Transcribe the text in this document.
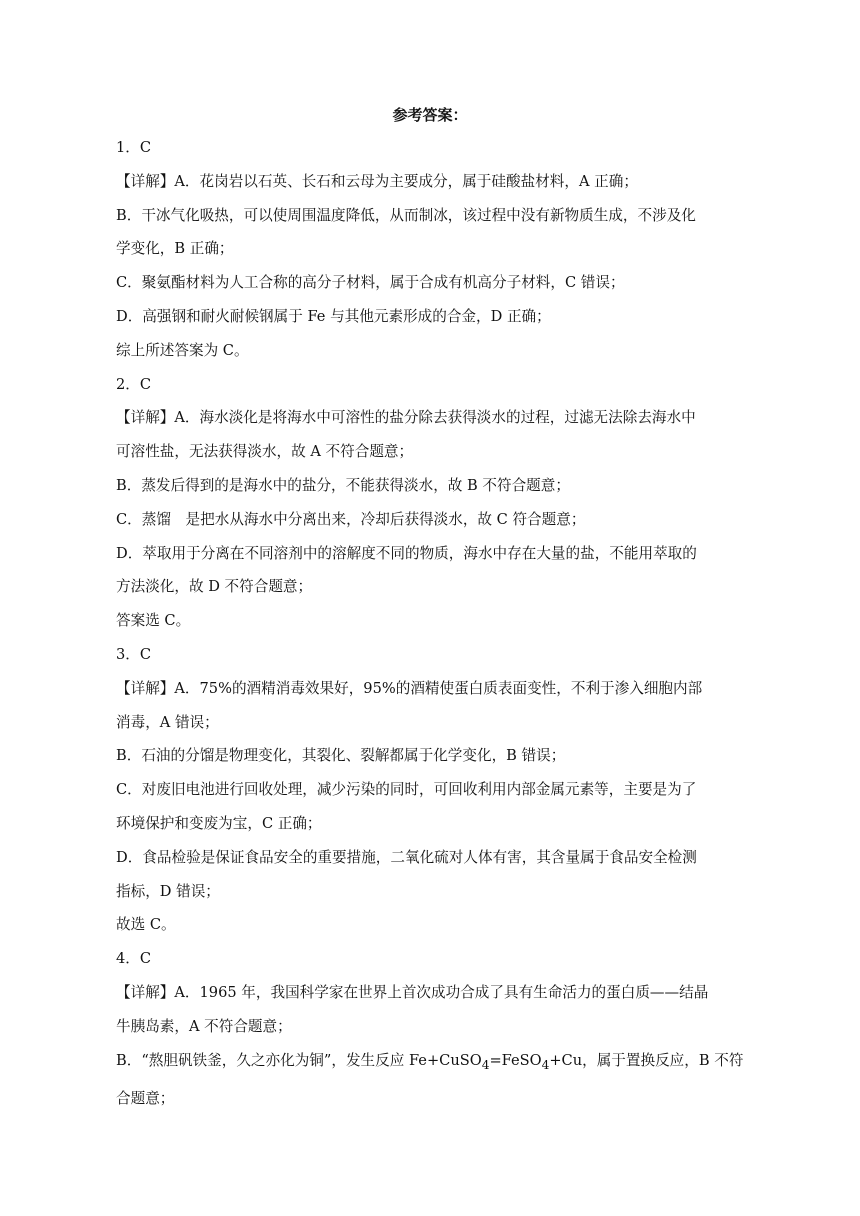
参考答案：

1．C

【详解】A．花岗岩以石英、长石和云母为主要成分，属于硅酸盐材料，A 正确；

B．干冰气化吸热，可以使周围温度降低，从而制冰，该过程中没有新物质生成，不涉及化

学变化，B 正确；

C．聚氨酯材料为人工合称的高分子材料，属于合成有机高分子材料，C 错误；

D．高强钢和耐火耐候钢属于 Fe 与其他元素形成的合金，D 正确；

综上所述答案为 C。

2．C

【详解】A．海水淡化是将海水中可溶性的盐分除去获得淡水的过程，过滤无法除去海水中

可溶性盐，无法获得淡水，故 A 不符合题意；

B．蒸发后得到的是海水中的盐分，不能获得淡水，故 B 不符合题意；

C．蒸馏　是把水从海水中分离出来，冷却后获得淡水，故 C 符合题意；

D．萃取用于分离在不同溶剂中的溶解度不同的物质，海水中存在大量的盐，不能用萃取的

方法淡化，故 D 不符合题意；

答案选 C。

3．C

【详解】A．75%的酒精消毒效果好，95%的酒精使蛋白质表面变性，不利于渗入细胞内部

消毒，A 错误；

B．石油的分馏是物理变化，其裂化、裂解都属于化学变化，B 错误；

C．对废旧电池进行回收处理，减少污染的同时，可回收利用内部金属元素等，主要是为了

环境保护和变废为宝，C 正确；

D．食品检验是保证食品安全的重要措施，二氧化硫对人体有害，其含量属于食品安全检测

指标，D 错误；

故选 C。

4．C

【详解】A．1965 年，我国科学家在世界上首次成功合成了具有生命活力的蛋白质——结晶

牛胰岛素，A 不符合题意；

B．“熬胆矾铁釜，久之亦化为铜”，发生反应 Fe+CuSO$_4$=FeSO$_4$+Cu，属于置换反应，B 不符

合题意；
